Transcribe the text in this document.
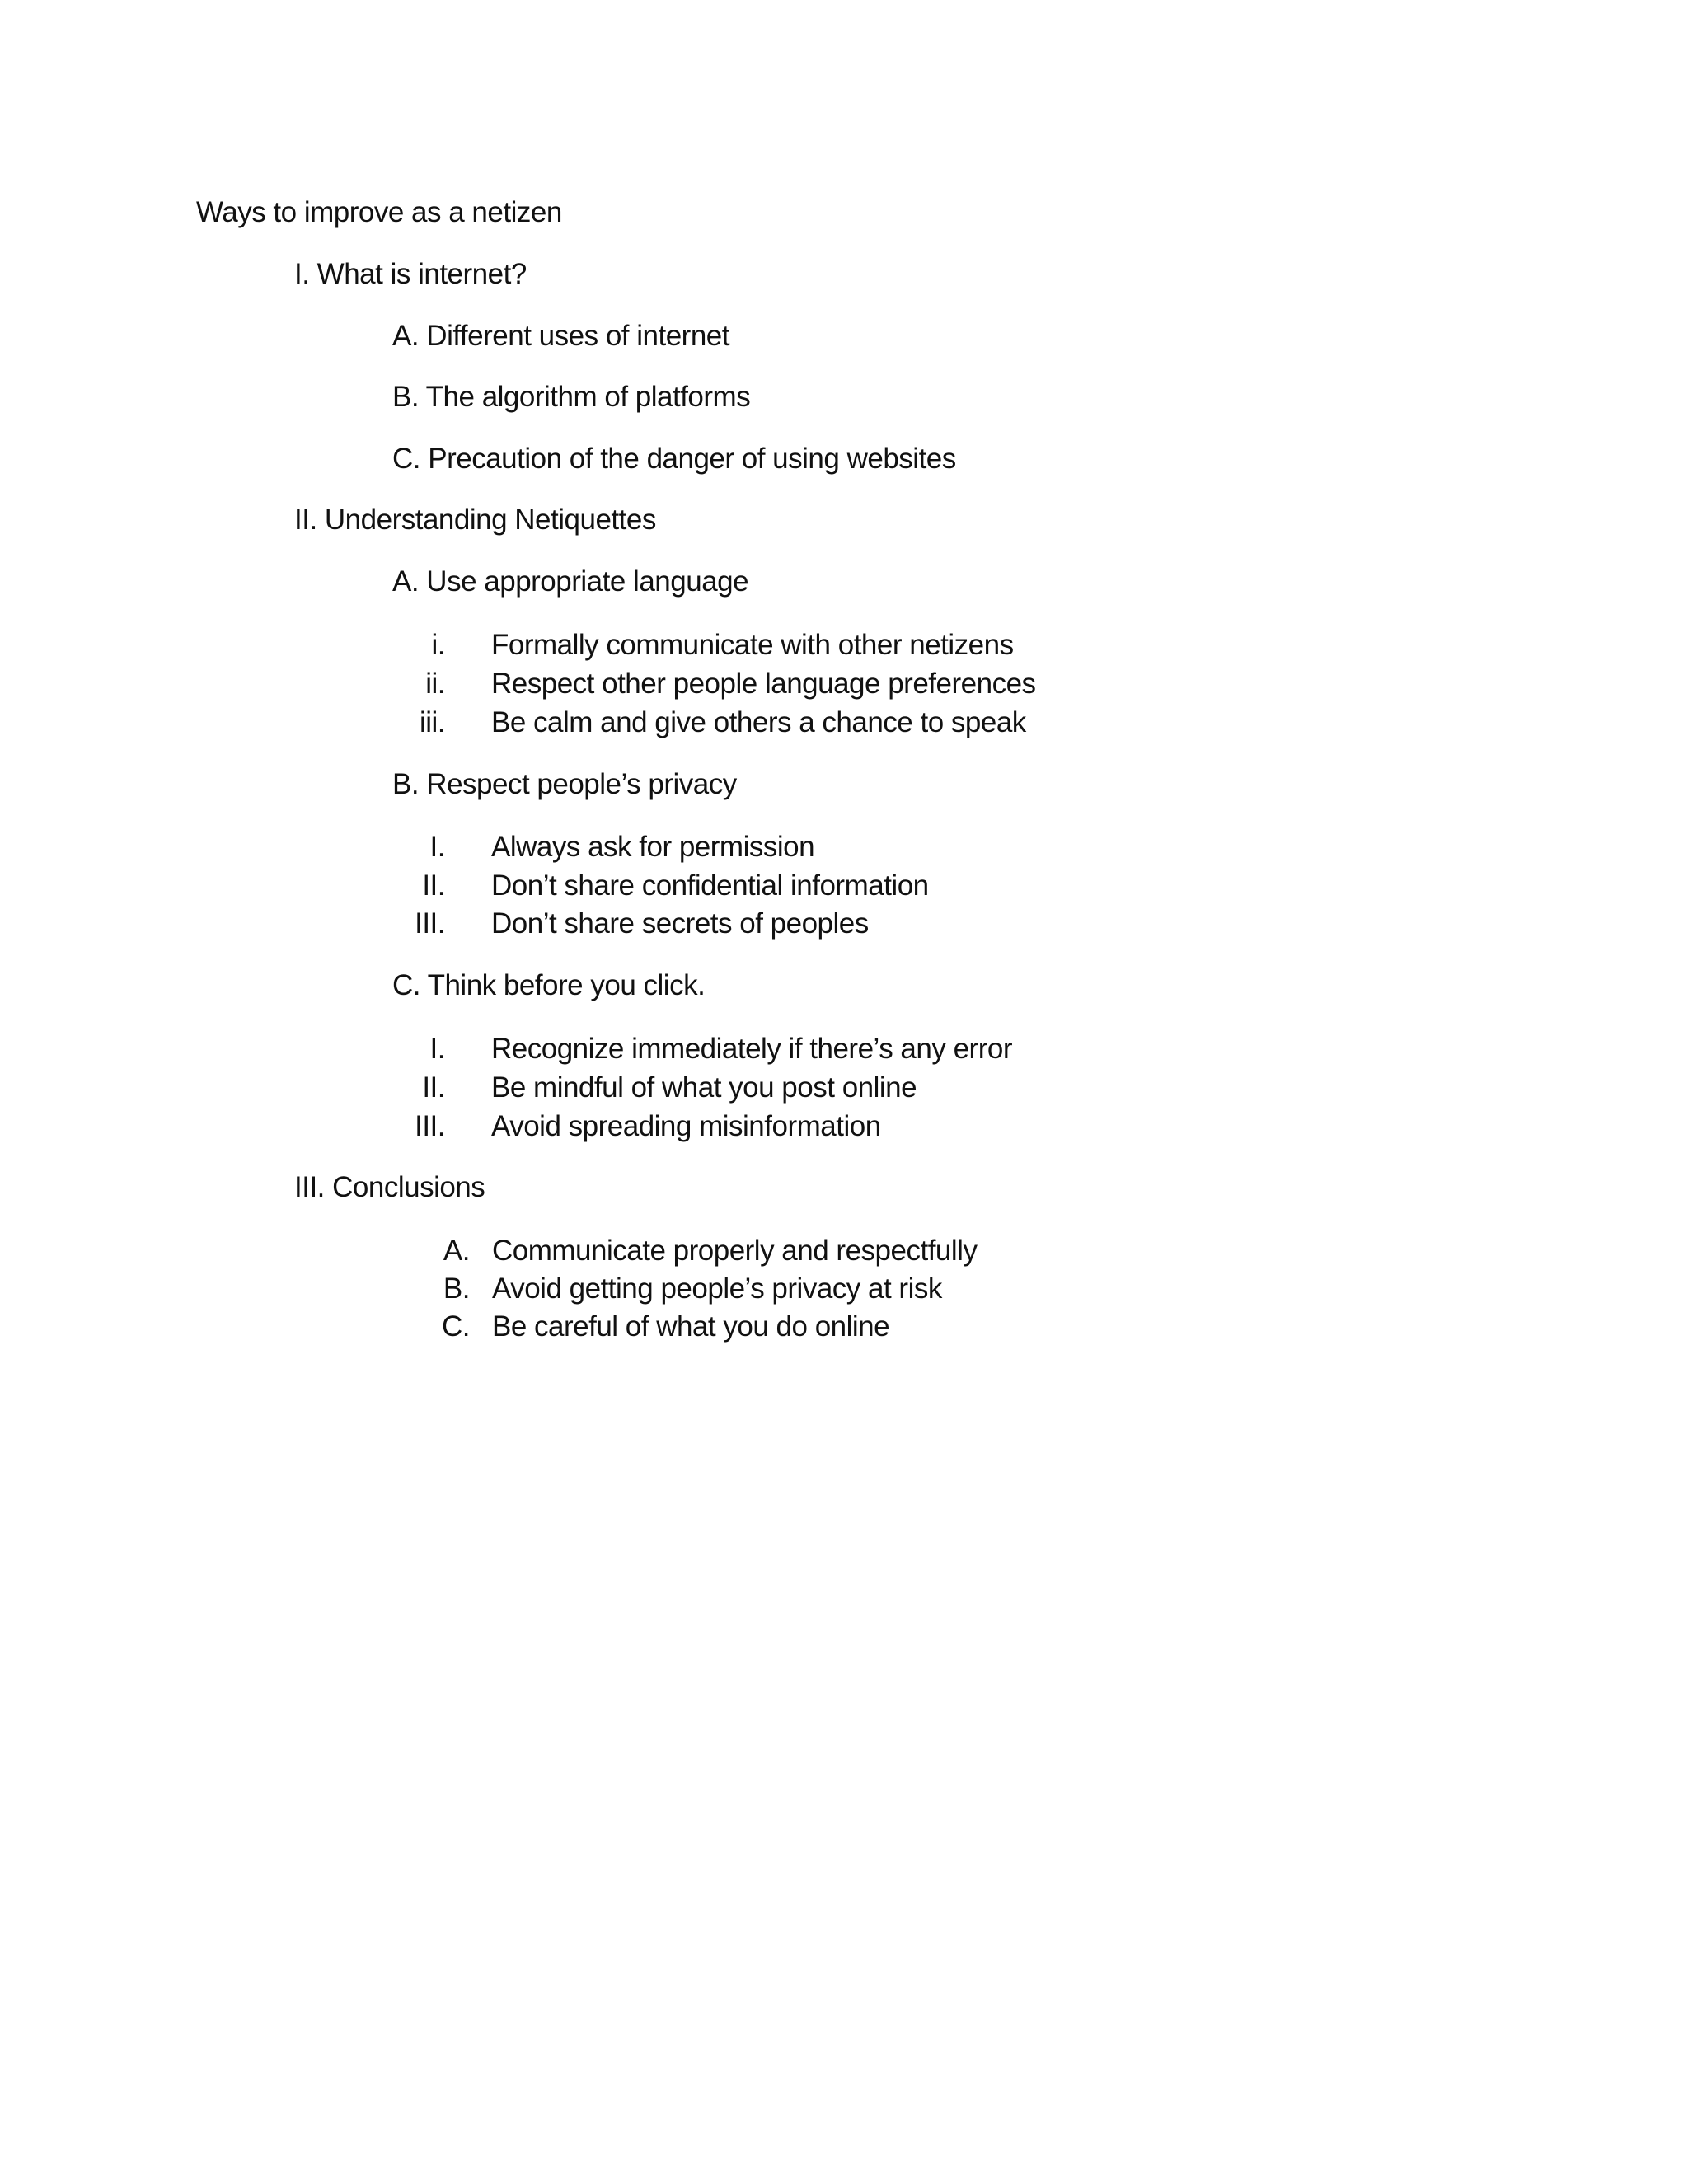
Ways to improve as a netizen
I. What is internet?
A. Different uses of internet
B. The algorithm of platforms
C. Precaution of the danger of using websites
II. Understanding Netiquettes
A. Use appropriate language
i. Formally communicate with other netizens
ii. Respect other people language preferences
iii. Be calm and give others a chance to speak
B. Respect people’s privacy
I. Always ask for permission
II. Don’t share confidential information
III. Don’t share secrets of peoples
C. Think before you click.
I. Recognize immediately if there’s any error
II. Be mindful of what you post online
III. Avoid spreading misinformation
III. Conclusions
A. Communicate properly and respectfully
B. Avoid getting people’s privacy at risk
C. Be careful of what you do online
